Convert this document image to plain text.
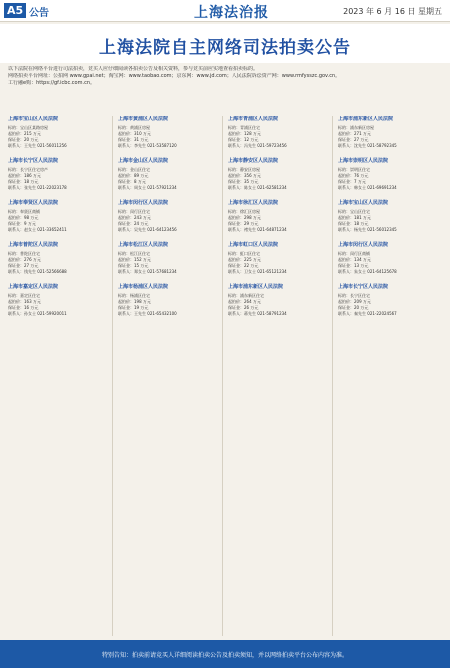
A5 公告	上海法治报	2023 年 6 月 16 日 星期五
上海法院自主网络司法拍卖公告
以下法院在网络平台进行司法拍卖，竞买人应仔细阅读各拍卖公告及相关资料，参与竞买前应实地查看拍卖标的。
网络拍卖平台网址：公拍网 www.gpai.net；淘宝网：www.taobao.com；京东网：www.jd.com；人民法院诉讼资产网：www.rmfysszc.gov.cn。
工行融e购：https://gf.icbc.com.cn。
上海市宝山区人民法院
标的：宝山区某路房屋
起拍价：215 万元
保证金：20 万元
联系人：王先生 021-56011256
上海市长宁区人民法院
标的：长宁区住宅房产
起拍价：186 万元
保证金：18 万元
联系人：张先生 021-22023178
上海市奉贤区人民法院
标的：奉贤区商铺
起拍价：98 万元
保证金：9 万元
联系人：赵女士 021-33652411
上海市普陀区人民法院
标的：普陀区住宅
起拍价：276 万元
保证金：27 万元
联系人：钱先生 021-52566688
上海市嘉定区人民法院
标的：嘉定区住宅
起拍价：163 万元
保证金：16 万元
联系人：孙女士 021-59920011
上海市黄浦区人民法院
标的：黄浦区房屋
起拍价：310 万元
保证金：31 万元
联系人：李先生 021-53587120
上海市金山区人民法院
标的：金山区住宅
起拍价：89 万元
保证金：8 万元
联系人：周女士 021-57921234
上海市闵行区人民法院
标的：闵行区住宅
起拍价：243 万元
保证金：24 万元
联系人：吴先生 021-64123456
上海市松江区人民法院
标的：松江区住宅
起拍价：152 万元
保证金：15 万元
联系人：郑女士 021-57681234
上海市杨浦区人民法院
标的：杨浦区住宅
起拍价：198 万元
保证金：19 万元
联系人：王先生 021-65432100
上海市青浦区人民法院
标的：青浦区住宅
起拍价：128 万元
保证金：12 万元
联系人：冯先生 021-59723456
上海市静安区人民法院
标的：静安区房屋
起拍价：356 万元
保证金：35 万元
联系人：陈女士 021-62581234
上海市徐汇区人民法院
标的：徐汇区房屋
起拍价：298 万元
保证金：29 万元
联系人：褚先生 021-64871234
上海市虹口区人民法院
标的：虹口区住宅
起拍价：225 万元
保证金：22 万元
联系人：卫女士 021-65121234
上海市浦东新区人民法院
标的：浦东新区住宅
起拍价：264 万元
保证金：26 万元
联系人：蒋先生 021-58791234
上海市浦东新区人民法院
标的：浦东新区房屋
起拍价：271 万元
保证金：27 万元
联系人：沈先生 021-58792345
上海市崇明区人民法院
标的：崇明区住宅
起拍价：76 万元
保证金：7 万元
联系人：韩女士 021-69691234
上海市宝山区人民法院
标的：宝山区住宅
起拍价：181 万元
保证金：18 万元
联系人：杨先生 021-56012345
上海市闵行区人民法院
标的：闵行区商铺
起拍价：134 万元
保证金：13 万元
联系人：朱女士 021-64125678
上海市长宁区人民法院
标的：长宁区住宅
起拍价：209 万元
保证金：20 万元
联系人：秦先生 021-22024567
特别告知：拍卖前请竞买人详细阅读拍卖公告及拍卖须知，并以网络拍卖平台公布内容为准。
